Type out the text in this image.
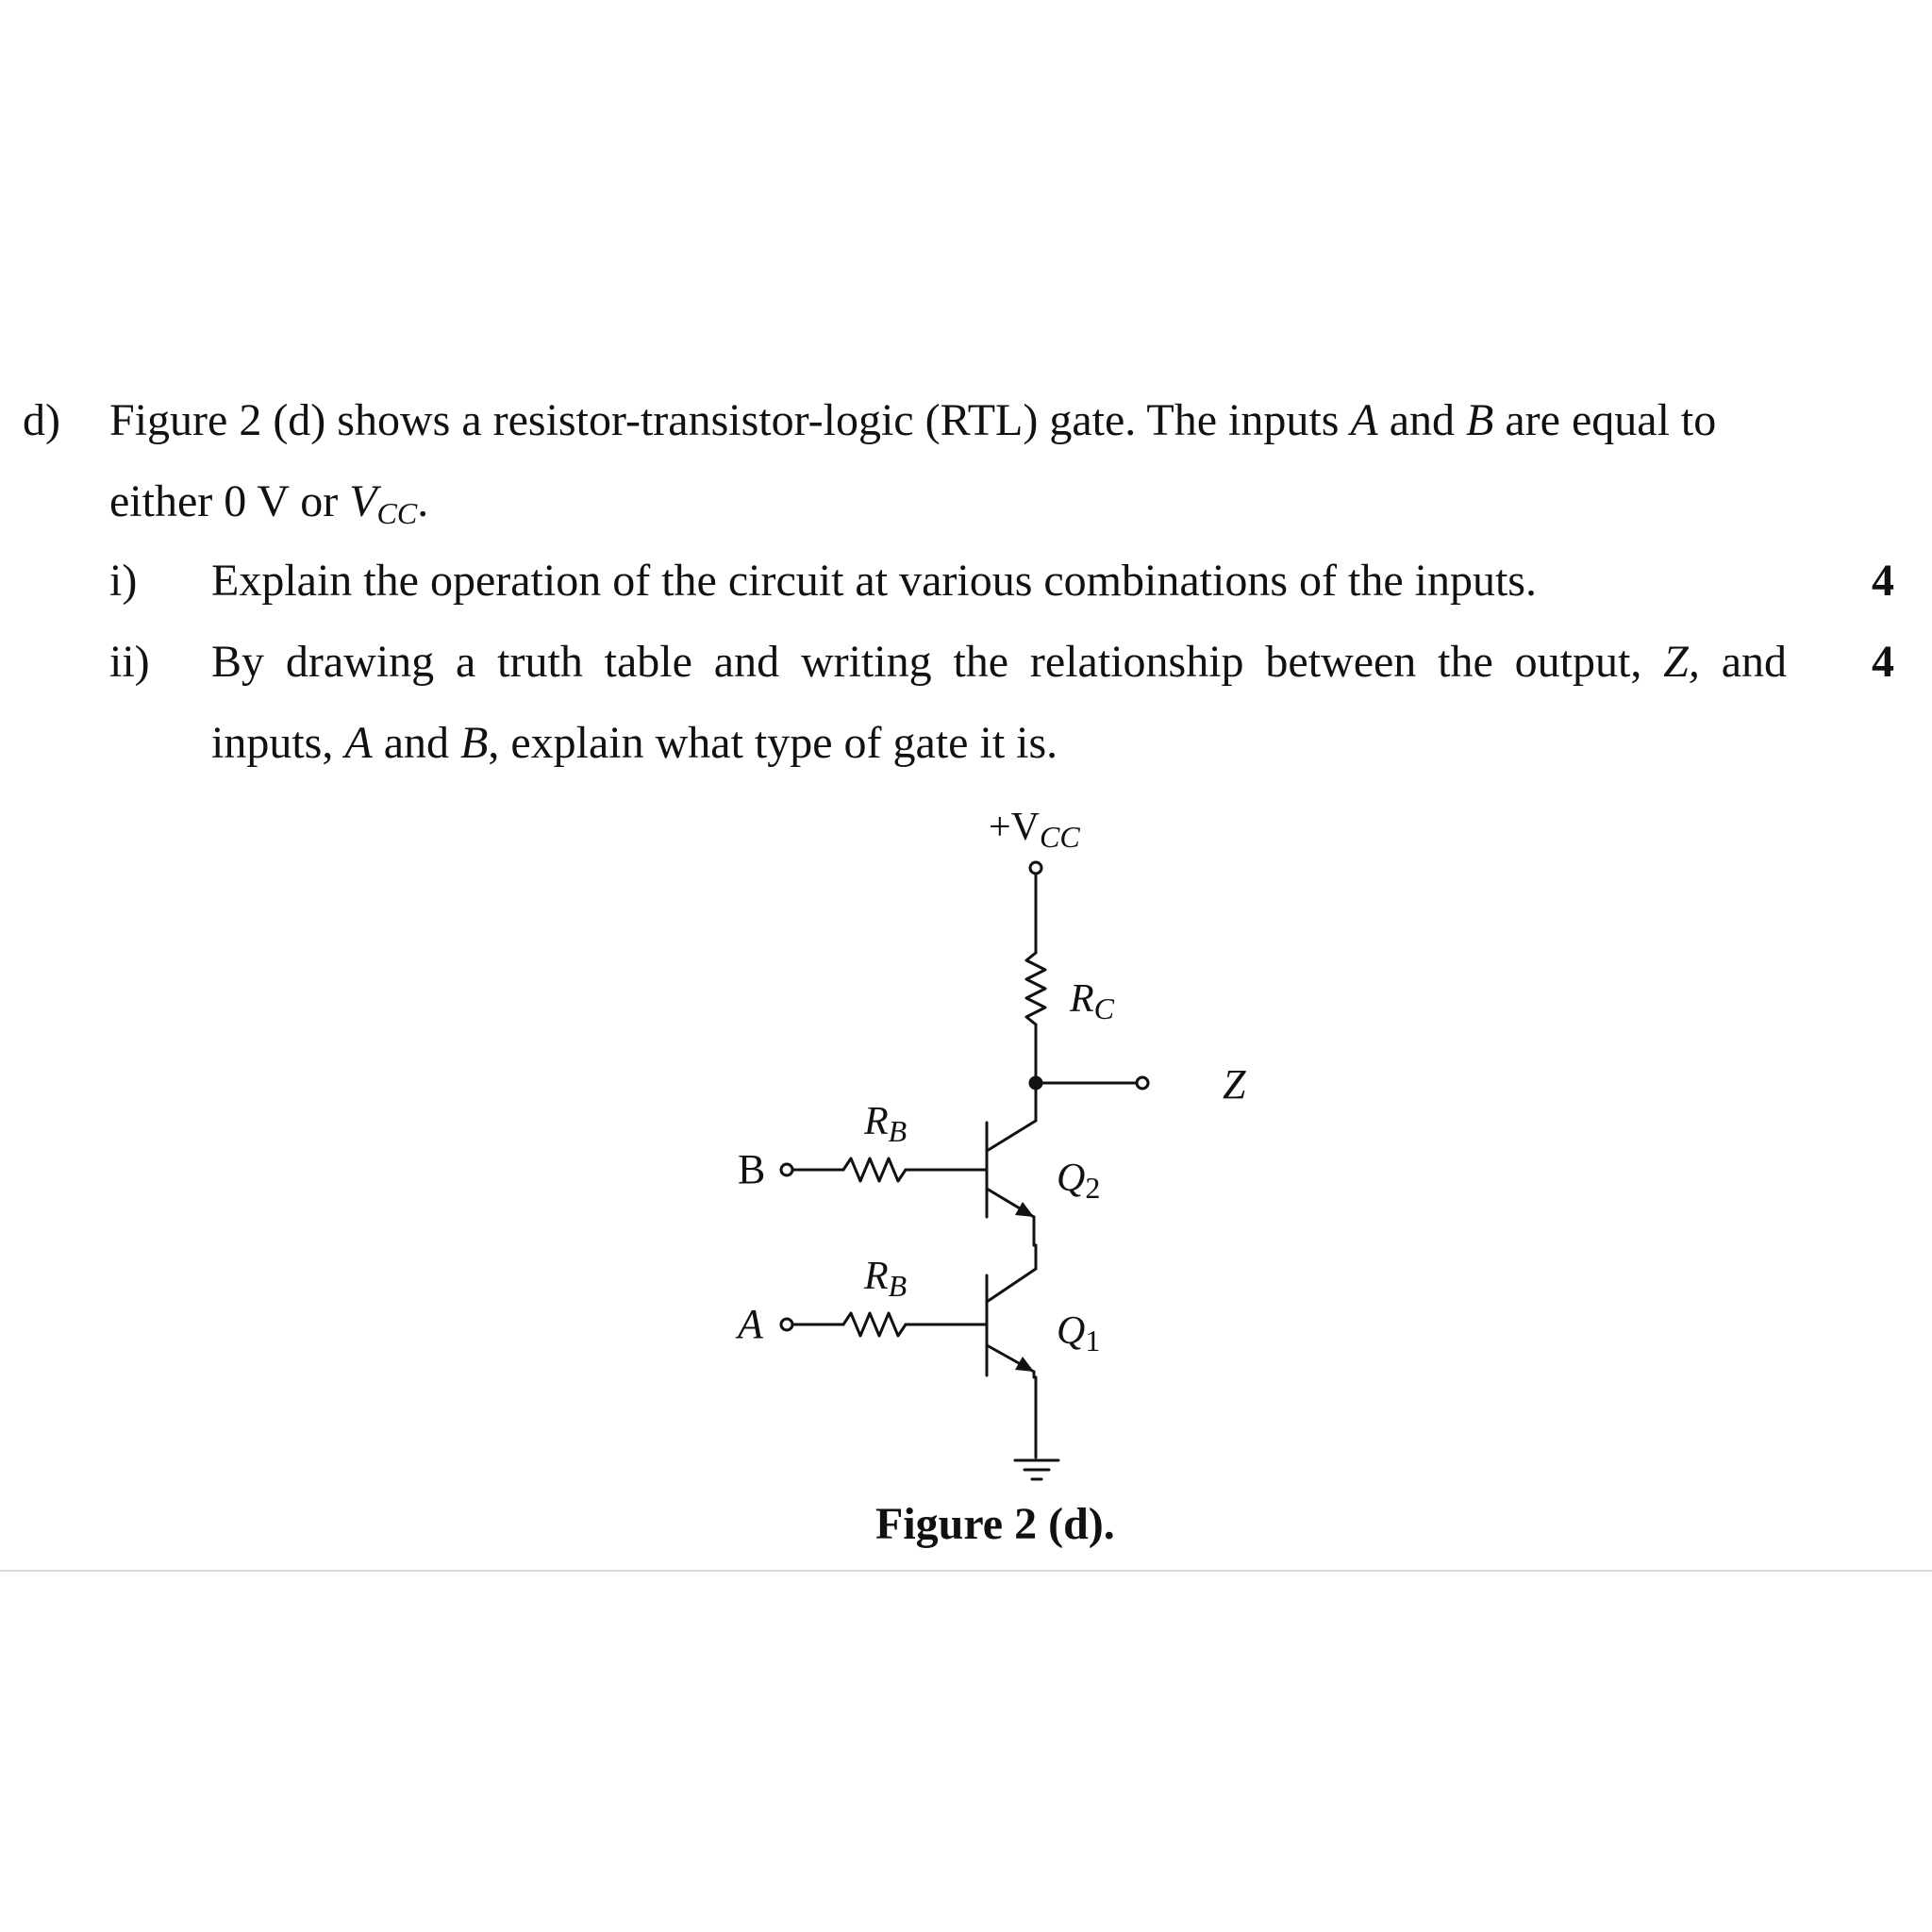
d) Figure 2 (d) shows a resistor-transistor-logic (RTL) gate. The inputs A and B are equal to
either 0 V or $V_{CC}$.
i) Explain the operation of the circuit at various combinations of the inputs.	4
ii) By drawing a truth table and writing the relationship between the output, Z, and 4
inputs, A and B, explain what type of gate it is.
$+V_{CC}$
$R_C$
Z
$R_B$
$Q_2$
B
$R_B$
$Q_1$
A
Figure 2 (d).
